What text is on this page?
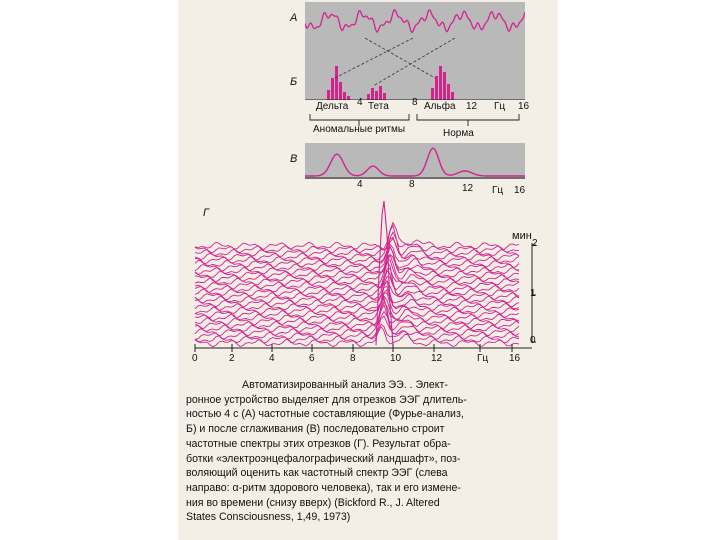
А
Б
Дельта 4 Тета 8 Альфа 12 Гц 16
Аномальные ритмы	Норма
В
4	8	12 Гц 16
Г
мин
2
1
0
0	2	4	6	8	10	12	Гц 16
Автоматизированный анализ ЭЭ. . Элект-
ронное устройство выделяет для отрезков ЭЭГ длитель-
ностью 4 с (А) частотные составляющие (Фурье-анализ,
Б) и после сглаживания (В) последовательно строит
частотные спектры этих отрезков (Г). Результат обра-
ботки «электроэнцефалографический ландшафт», поз-
воляющий оценить как частотный спектр ЭЭГ (слева
направо: α-ритм здорового человека), так и его измене-
ния во времени (снизу вверх) (Bickford R., J. Altered
States Consciousness, 1,49, 1973)
